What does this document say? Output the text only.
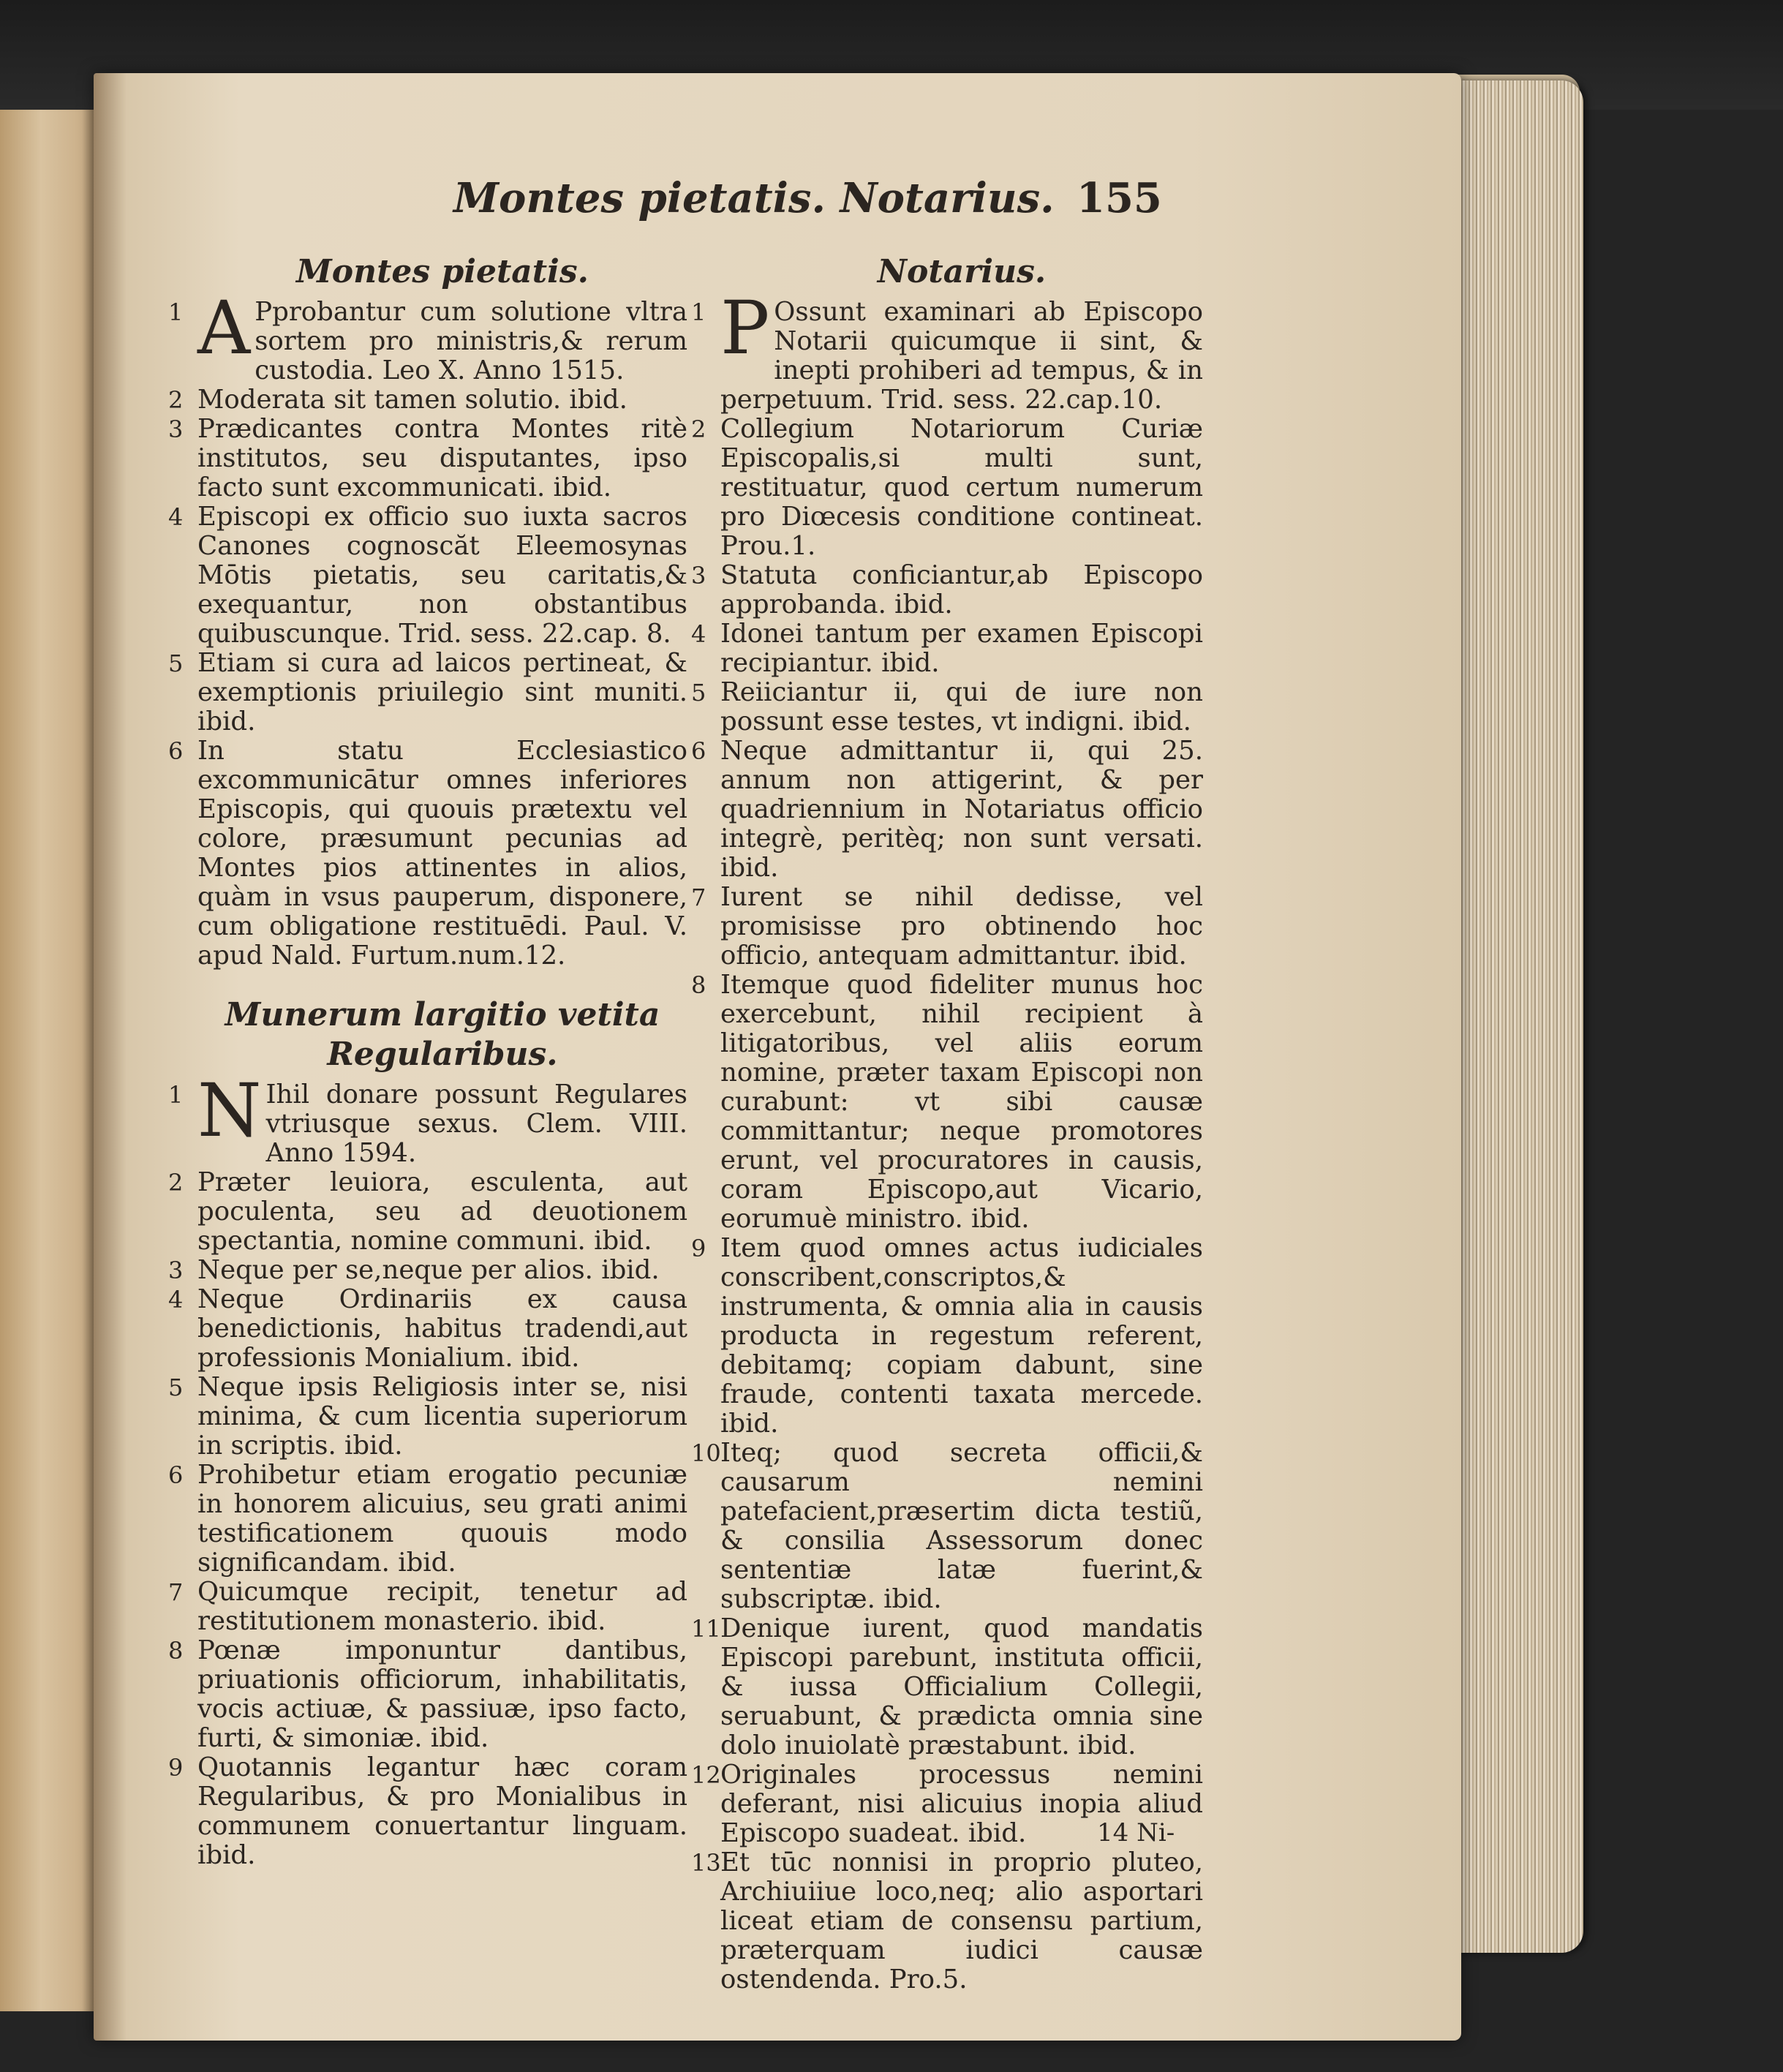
Montes pietatis. Notarius. 155
Montes pietatis.
1 A Pprobantur cum solutione vltra sortem pro ministris,& rerum custodia. Leo X. Anno 1515.
2 Moderata sit tamen solutio. ibid.
3 Prædicantes contra Montes ritè institutos, seu disputantes, ipso facto sunt excommunicati. ibid.
4 Episcopi ex officio suo iuxta sacros Canones cognoscăt Eleemosynas Mōtis pietatis, seu caritatis,& exequantur, non obstantibus quibuscunque. Trid. sess. 22.cap. 8.
5 Etiam si cura ad laicos pertineat, & exemptionis priuilegio sint muniti. ibid.
6 In statu Ecclesiastico excommunicātur omnes inferiores Episcopis, qui quouis prætextu vel colore, præsumunt pecunias ad Montes pios attinentes in alios, quàm in vsus pauperum, disponere, cum obligatione restituēdi. Paul. V. apud Nald. Furtum.num.12.
Munerum largitio vetita Regularibus.
1 N Ihil donare possunt Regulares vtriusque sexus. Clem. VIII. Anno 1594.
2 Præter leuiora, esculenta, aut poculenta, seu ad deuotionem spectantia, nomine communi. ibid.
3 Neque per se,neque per alios. ibid.
4 Neque Ordinariis ex causa benedictionis, habitus tradendi,aut professionis Monialium. ibid.
5 Neque ipsis Religiosis inter se, nisi minima, & cum licentia superiorum in scriptis. ibid.
6 Prohibetur etiam erogatio pecuniæ in honorem alicuius, seu grati animi testificationem quouis modo significandam. ibid.
7 Quicumque recipit, tenetur ad restitutionem monasterio. ibid.
8 Pœnæ imponuntur dantibus, priuationis officiorum, inhabilitatis, vocis actiuæ, & passiuæ, ipso facto, furti, & simoniæ. ibid.
9 Quotannis legantur hæc coram Regularibus, & pro Monialibus in communem conuertantur linguam. ibid.
Notarius.
1 P Ossunt examinari ab Episcopo Notarii quicumque ii sint, & inepti prohiberi ad tempus, & in perpetuum. Trid. sess. 22.cap.10.
2 Collegium Notariorum Curiæ Episcopalis,si multi sunt, restituatur, quod certum numerum pro Diœcesis conditione contineat. Prou.1.
3 Statuta conficiantur,ab Episcopo approbanda. ibid.
4 Idonei tantum per examen Episcopi recipiantur. ibid.
5 Reiiciantur ii, qui de iure non possunt esse testes, vt indigni. ibid.
6 Neque admittantur ii, qui 25. annum non attigerint, & per quadriennium in Notariatus officio integrè, peritèq; non sunt versati. ibid.
7 Iurent se nihil dedisse, vel promisisse pro obtinendo hoc officio, antequam admittantur. ibid.
8 Itemque quod fideliter munus hoc exercebunt, nihil recipient à litigatoribus, vel aliis eorum nomine, præter taxam Episcopi non curabunt: vt sibi causæ committantur; neque promotores erunt, vel procuratores in causis, coram Episcopo,aut Vicario, eorumuè ministro. ibid.
9 Item quod omnes actus iudiciales conscribent,conscriptos,& instrumenta, & omnia alia in causis producta in regestum referent, debitamq; copiam dabunt, sine fraude, contenti taxata mercede. ibid.
10 Iteq; quod secreta officii,& causarum nemini patefacient,præsertim dicta testiũ, & consilia Assessorum donec sententiæ latæ fuerint,& subscriptæ. ibid.
11 Denique iurent, quod mandatis Episcopi parebunt, instituta officii, & iussa Officialium Collegii, seruabunt, & prædicta omnia sine dolo inuiolatè præstabunt. ibid.
12 Originales processus nemini deferant, nisi alicuius inopia aliud Episcopo suadeat. ibid.
13 Et tūc nonnisi in proprio pluteo, Archiuiiue loco,neq; alio asportari liceat etiam de consensu partium, præterquam iudici causæ ostendenda. Pro.5.
14 Ni-
